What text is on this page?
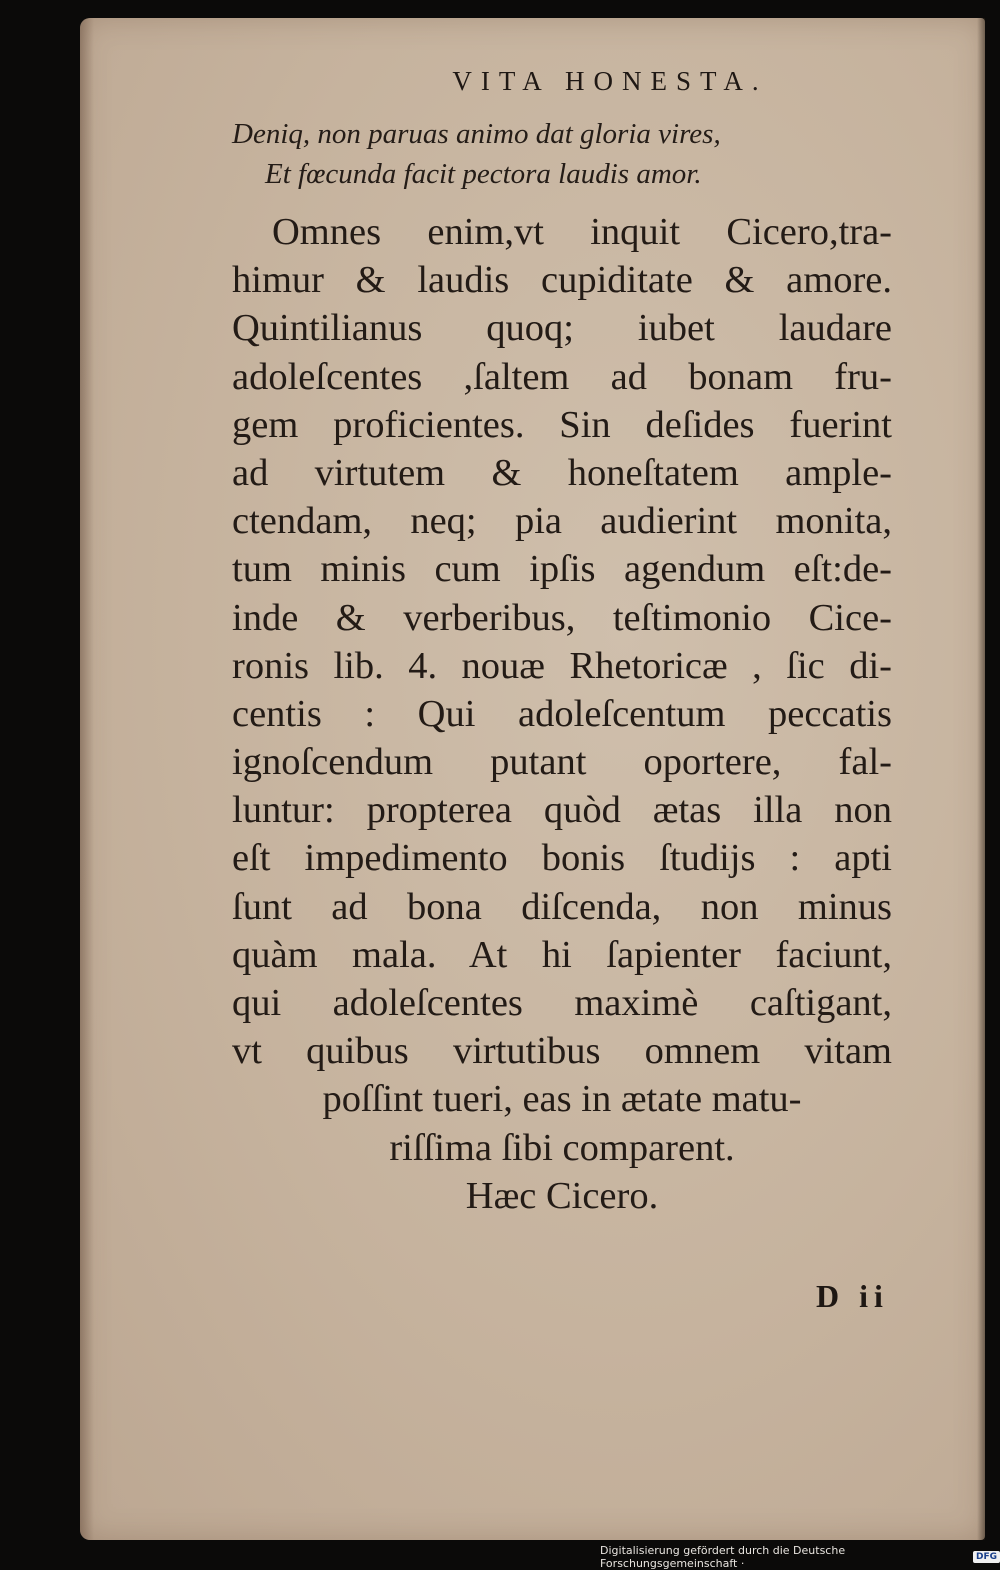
VITA HONESTA.
Deniq, non paruas animo dat gloria vires,
Et fœcunda facit pectora laudis amor.
Omnes enim,vt inquit Cicero,tra-
himur & laudis cupiditate & amore.
Quintilianus quoq; iubet laudare
adoleſcentes ,ſaltem ad bonam fru-
gem proficientes. Sin deſides fuerint
ad virtutem & honeſtatem ample-
ctendam, neq; pia audierint monita,
tum minis cum ipſis agendum eſt:de-
inde & verberibus, teſtimonio Cice-
ronis lib. 4. nouæ Rhetoricæ , ſic di-
centis : Qui adoleſcentum peccatis
ignoſcendum putant oportere, fal-
luntur: propterea quòd ætas illa non
eſt impedimento bonis ſtudijs : apti
ſunt ad bona diſcenda, non minus
quàm mala. At hi ſapienter faciunt,
qui adoleſcentes maximè caſtigant,
vt quibus virtutibus omnem vitam
poſſint tueri, eas in ætate matu-
riſſima ſibi comparent.
Hæc Cicero.
D ii
Digitalisierung gefördert durch die Deutsche Forschungsgemeinschaft ·	DFG
